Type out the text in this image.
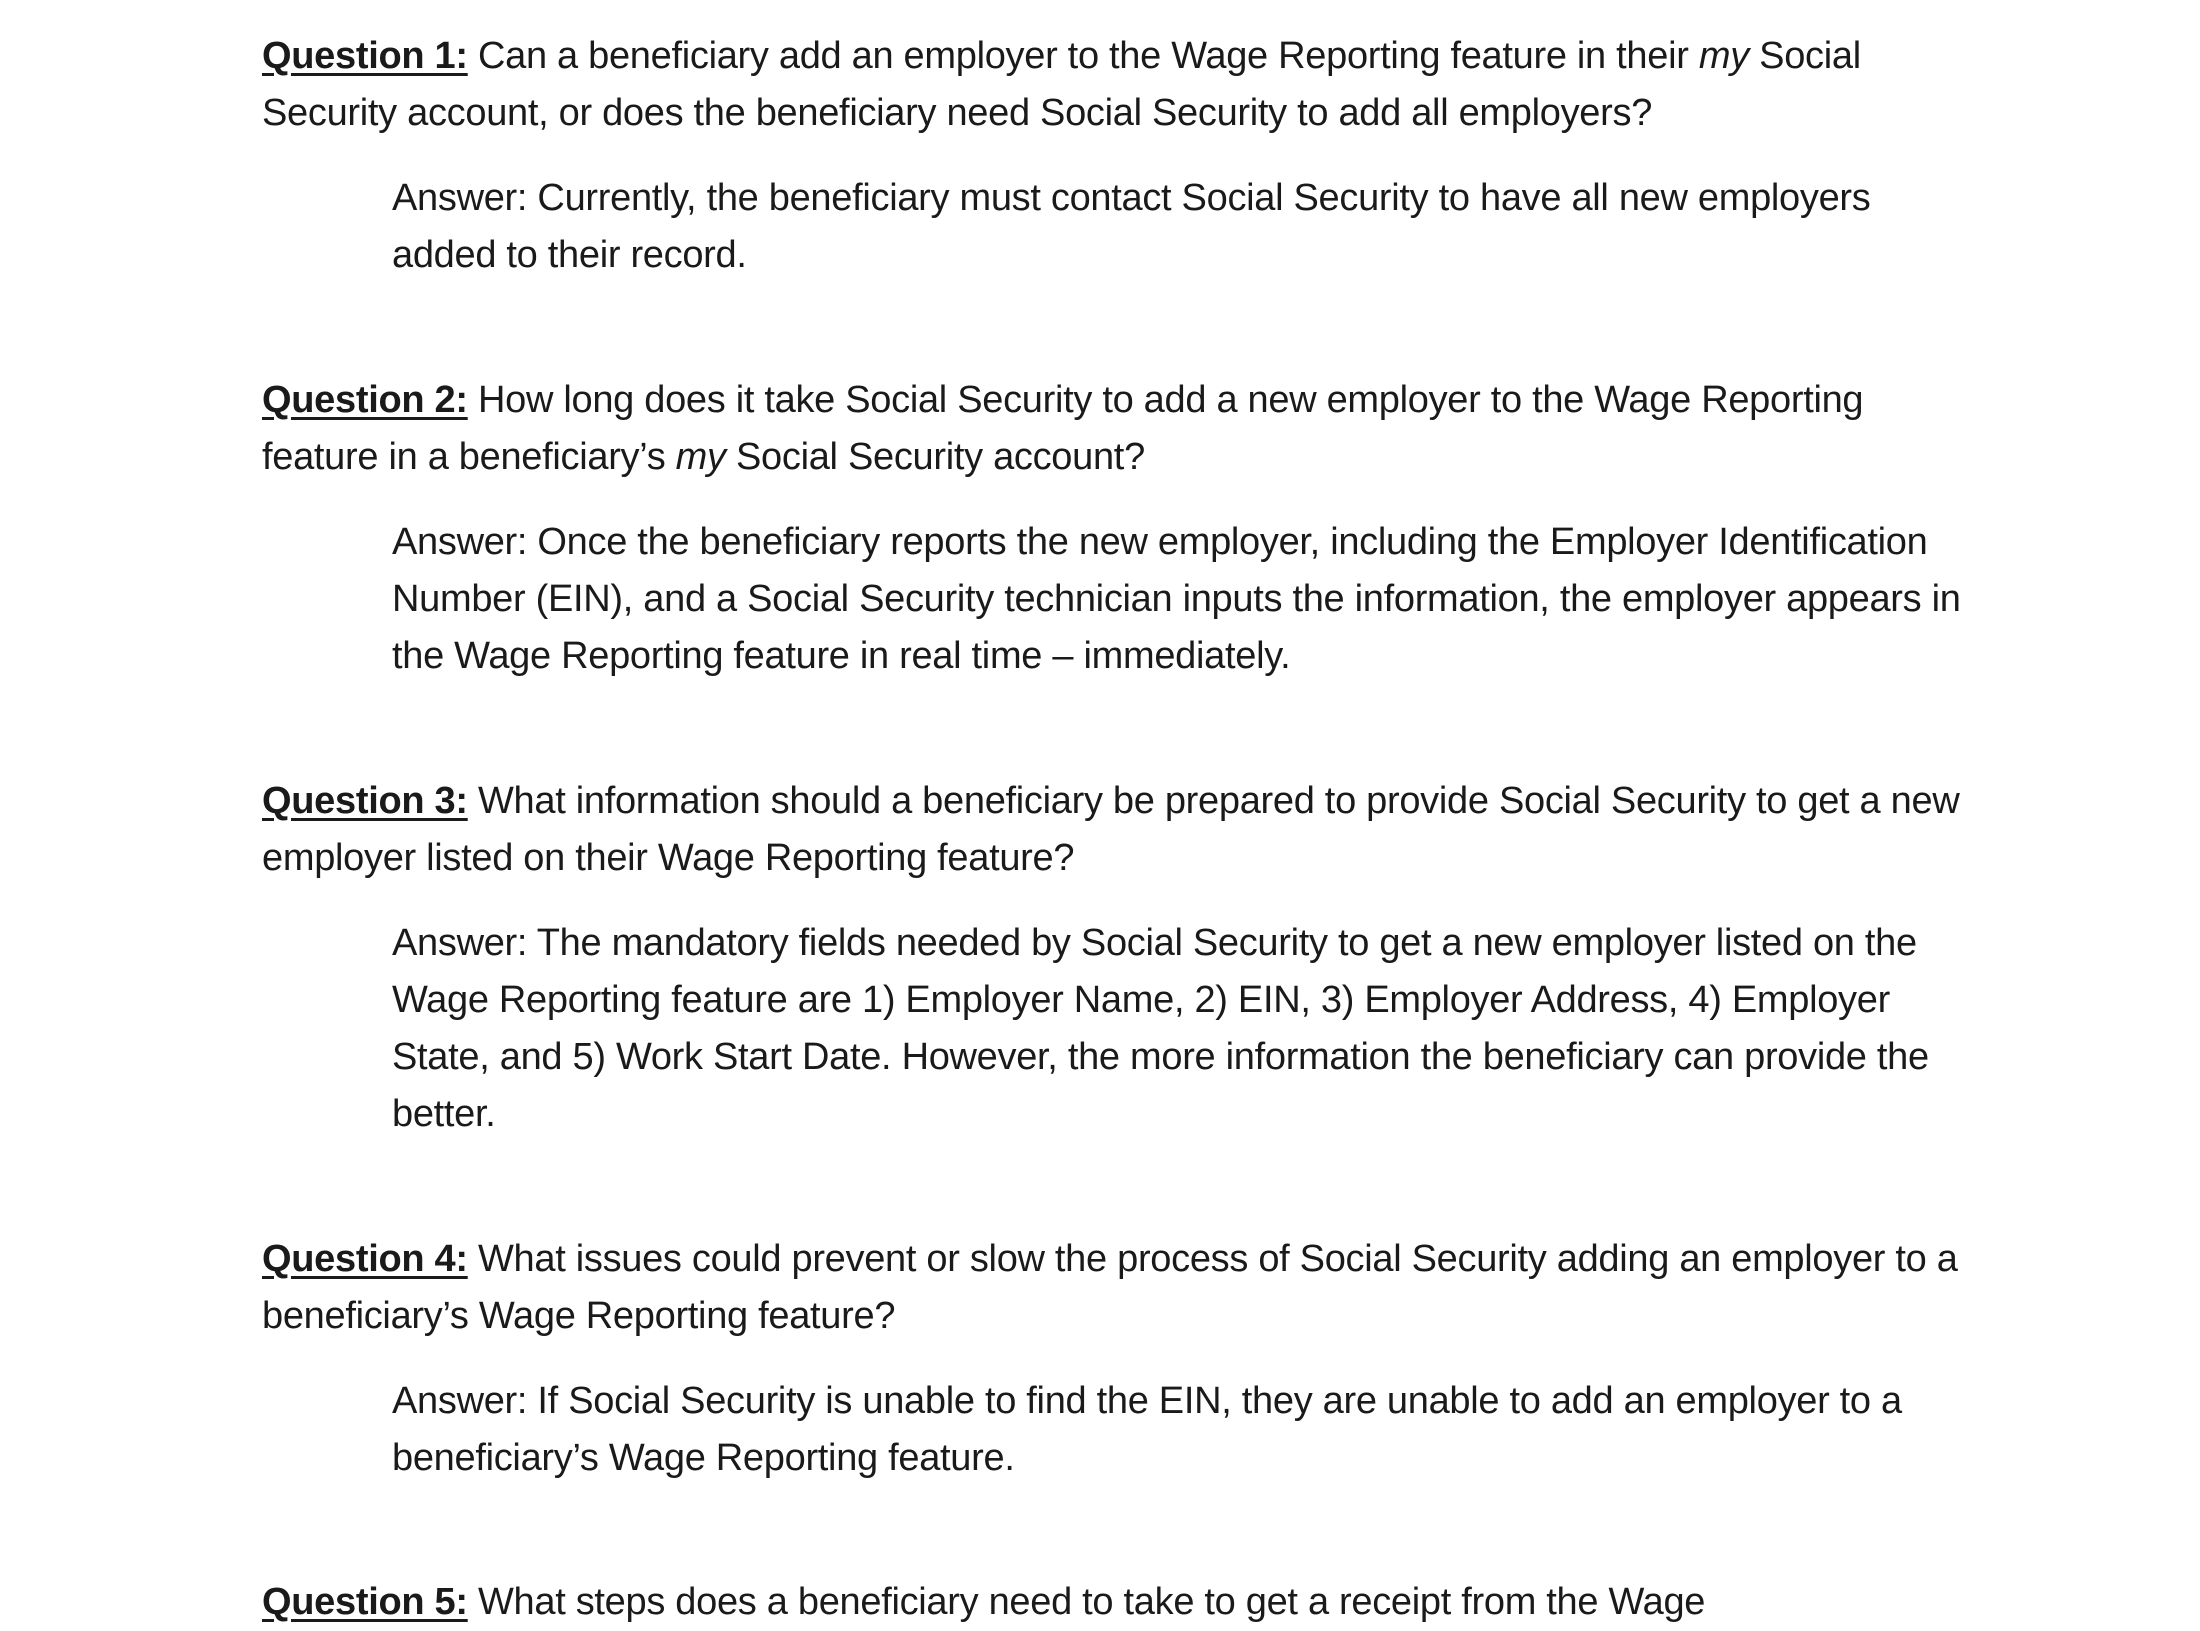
Question 1: Can a beneficiary add an employer to the Wage Reporting feature in their my Social Security account, or does the beneficiary need Social Security to add all employers?

Answer: Currently, the beneficiary must contact Social Security to have all new employers added to their record.

Question 2: How long does it take Social Security to add a new employer to the Wage Reporting feature in a beneficiary’s my Social Security account?

Answer: Once the beneficiary reports the new employer, including the Employer Identification Number (EIN), and a Social Security technician inputs the information, the employer appears in the Wage Reporting feature in real time – immediately.

Question 3: What information should a beneficiary be prepared to provide Social Security to get a new employer listed on their Wage Reporting feature?

Answer: The mandatory fields needed by Social Security to get a new employer listed on the Wage Reporting feature are 1) Employer Name, 2) EIN, 3) Employer Address, 4) Employer State, and 5) Work Start Date. However, the more information the beneficiary can provide the better.

Question 4: What issues could prevent or slow the process of Social Security adding an employer to a beneficiary’s Wage Reporting feature?

Answer: If Social Security is unable to find the EIN, they are unable to add an employer to a beneficiary’s Wage Reporting feature.

Question 5: What steps does a beneficiary need to take to get a receipt from the Wage
